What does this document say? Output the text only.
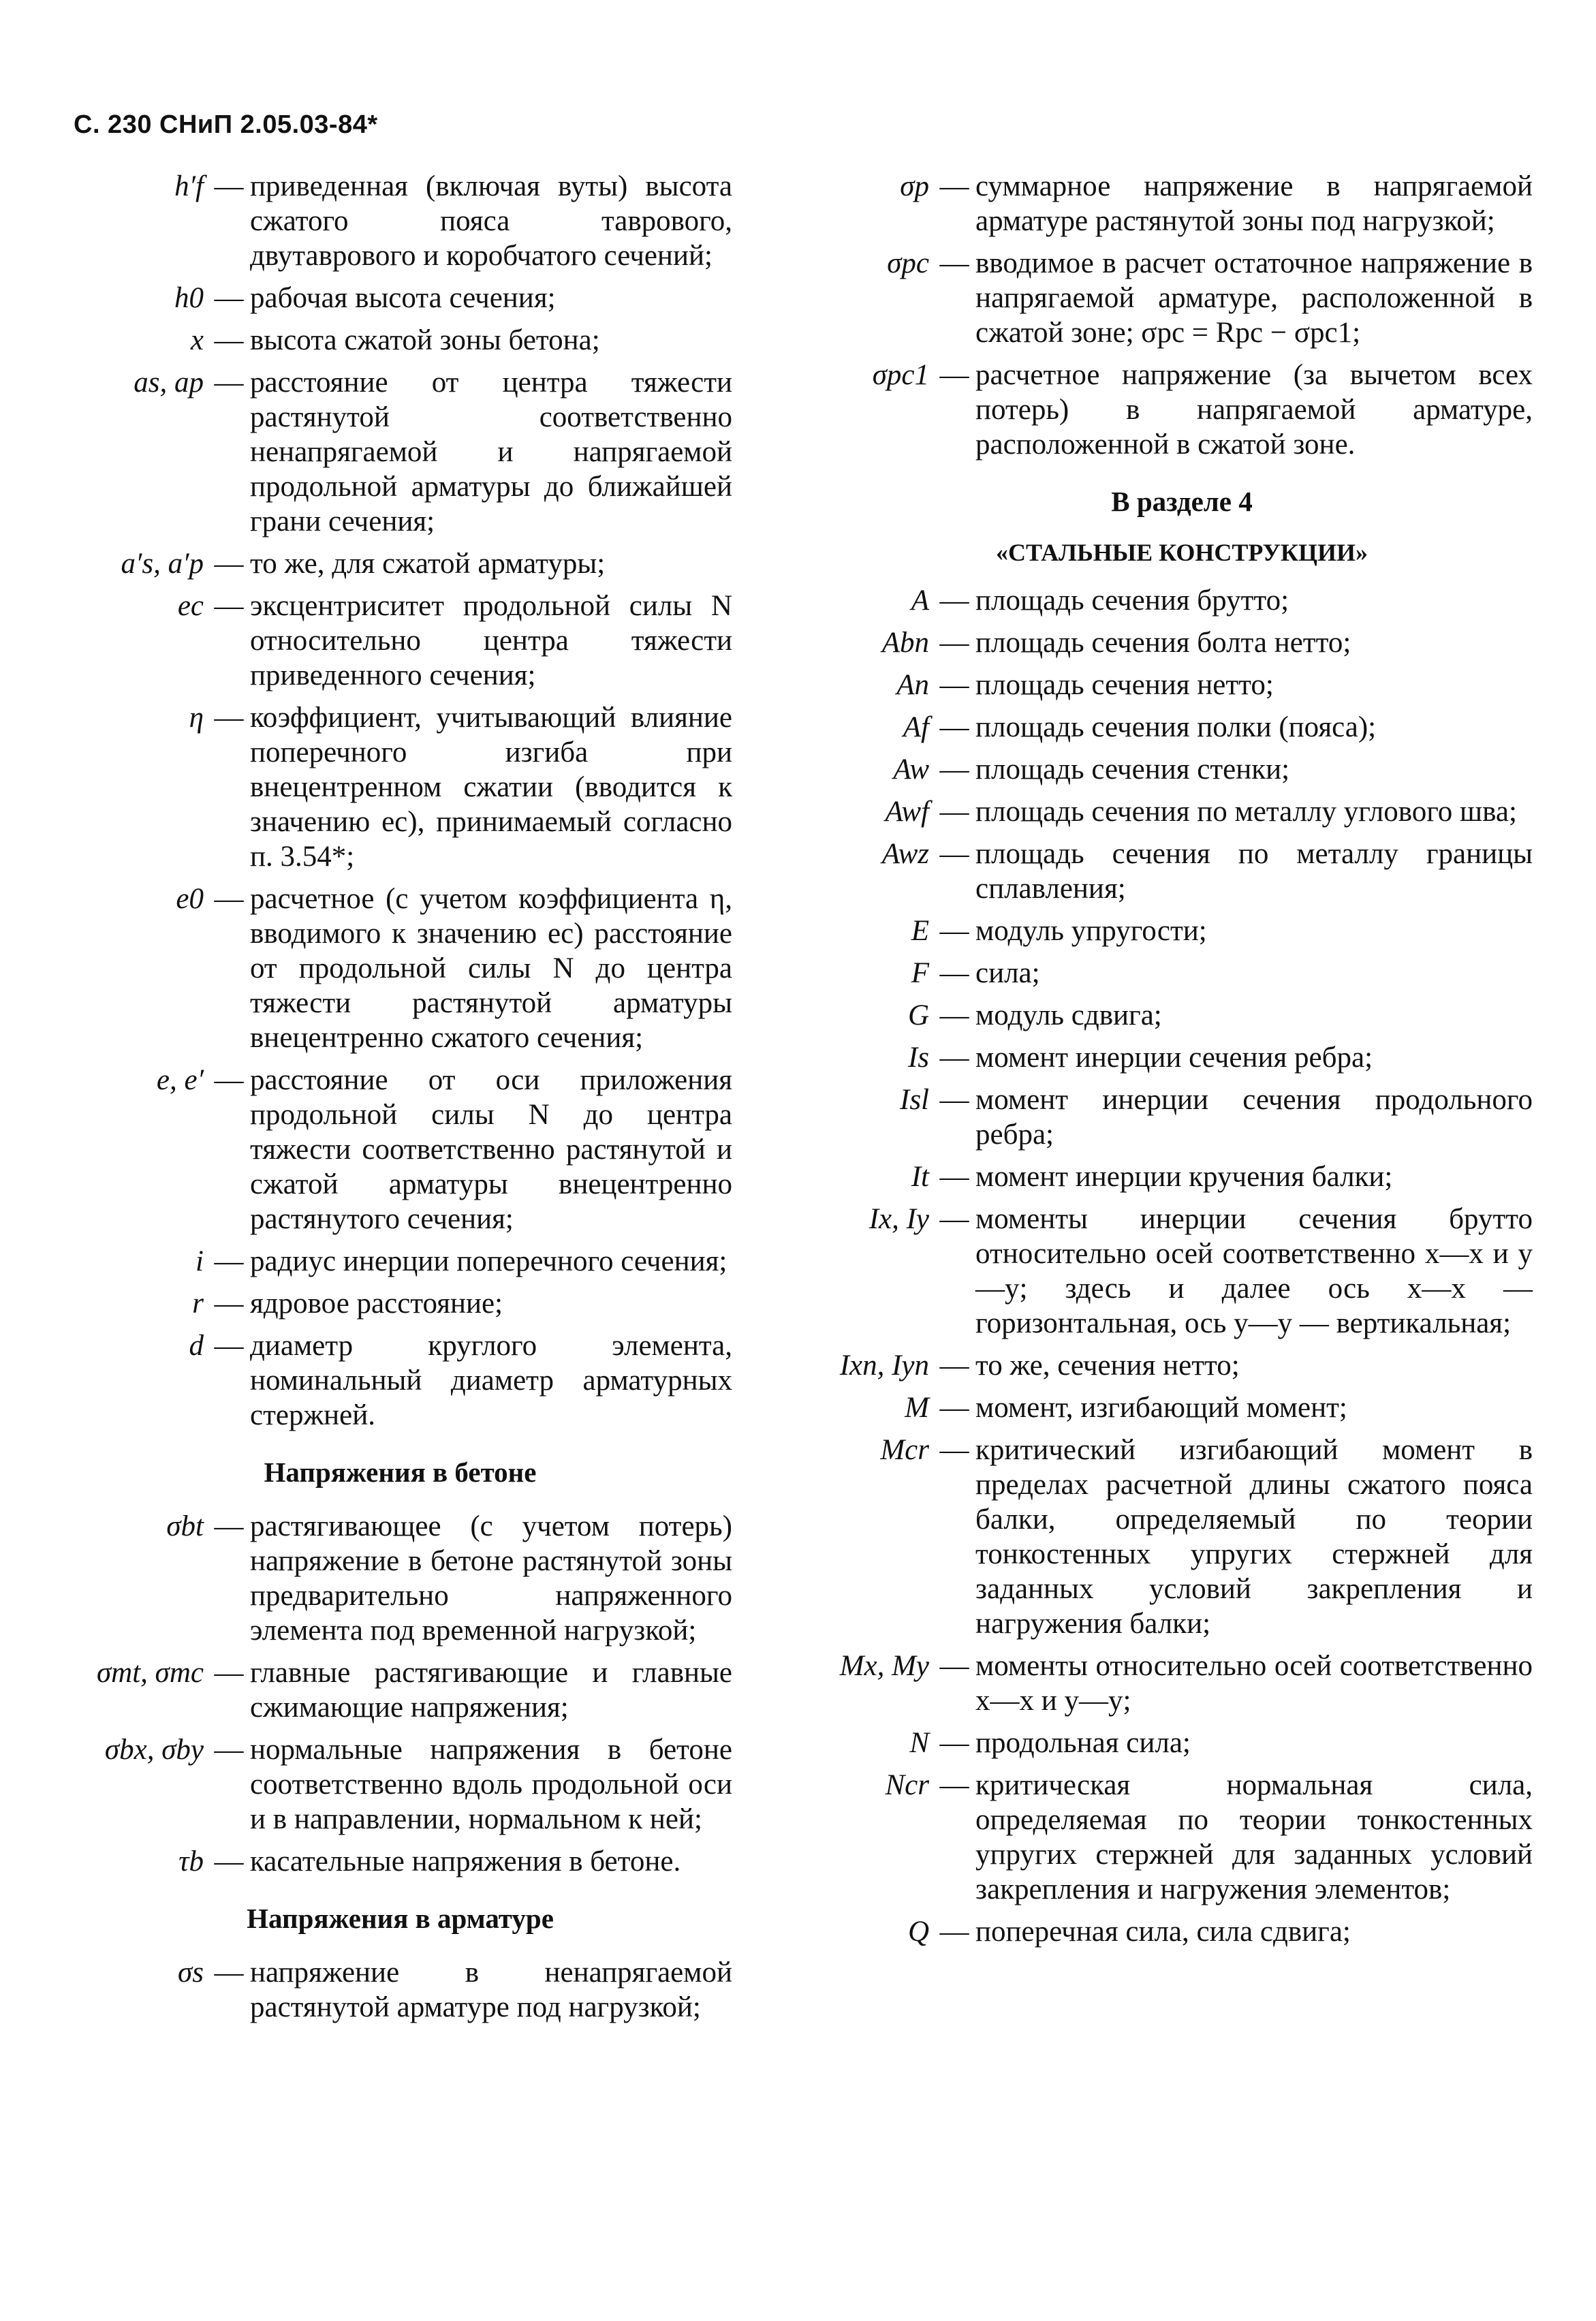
С. 230 СНиП 2.05.03-84*
h′f — приведенная (включая вуты) высота сжатого пояса таврового, двутаврового и коробчатого сечений;
h0 — рабочая высота сечения;
x — высота сжатой зоны бетона;
as, ap — расстояние от центра тяжести растянутой соответственно ненапрягаемой и напрягаемой продольной арматуры до ближайшей грани сечения;
a′s, a′p — то же, для сжатой арматуры;
ec — эксцентриситет продольной силы N относительно центра тяжести приведенного сечения;
η — коэффициент, учитывающий влияние поперечного изгиба при внецентренном сжатии (вводится к значению ec), принимаемый согласно п. 3.54*;
e0 — расчетное (с учетом коэффициента η, вводимого к значению ec) расстояние от продольной силы N до центра тяжести растянутой арматуры внецентренно сжатого сечения;
e, e′ — расстояние от оси приложения продольной силы N до центра тяжести соответственно растянутой и сжатой арматуры внецентренно растянутого сечения;
i — радиус инерции поперечного сечения;
r — ядровое расстояние;
d — диаметр круглого элемента, номинальный диаметр арматурных стержней.
Напряжения в бетоне
σbt — растягивающее (с учетом потерь) напряжение в бетоне растянутой зоны предварительно напряженного элемента под временной нагрузкой;
σmt, σmc — главные растягивающие и главные сжимающие напряжения;
σbx, σby — нормальные напряжения в бетоне соответственно вдоль продольной оси и в направлении, нормальном к ней;
τb — касательные напряжения в бетоне.
Напряжения в арматуре
σs — напряжение в ненапрягаемой растянутой арматуре под нагрузкой;
σp — суммарное напряжение в напрягаемой арматуре растянутой зоны под нагрузкой;
σpc — вводимое в расчет остаточное напряжение в напрягаемой арматуре, расположенной в сжатой зоне; σpc = Rpc − σpc1;
σpc1 — расчетное напряжение (за вычетом всех потерь) в напрягаемой арматуре, расположенной в сжатой зоне.
В разделе 4
«СТАЛЬНЫЕ КОНСТРУКЦИИ»
A — площадь сечения брутто;
Abn — площадь сечения болта нетто;
An — площадь сечения нетто;
Af — площадь сечения полки (пояса);
Aw — площадь сечения стенки;
Awf — площадь сечения по металлу углового шва;
Awz — площадь сечения по металлу границы сплавления;
E — модуль упругости;
F — сила;
G — модуль сдвига;
Is — момент инерции сечения ребра;
Isl — момент инерции сечения продольного ребра;
It — момент инерции кручения балки;
Ix, Iy — моменты инерции сечения брутто относительно осей соответственно x—x и y—y; здесь и далее ось x—x — горизонтальная, ось y—y — вертикальная;
Ixn, Iyn — то же, сечения нетто;
M — момент, изгибающий момент;
Mcr — критический изгибающий момент в пределах расчетной длины сжатого пояса балки, определяемый по теории тонкостенных упругих стержней для заданных условий закрепления и нагружения балки;
Mx, My — моменты относительно осей соответственно x—x и y—y;
N — продольная сила;
Ncr — критическая нормальная сила, определяемая по теории тонкостенных упругих стержней для заданных условий закрепления и нагружения элементов;
Q — поперечная сила, сила сдвига;
